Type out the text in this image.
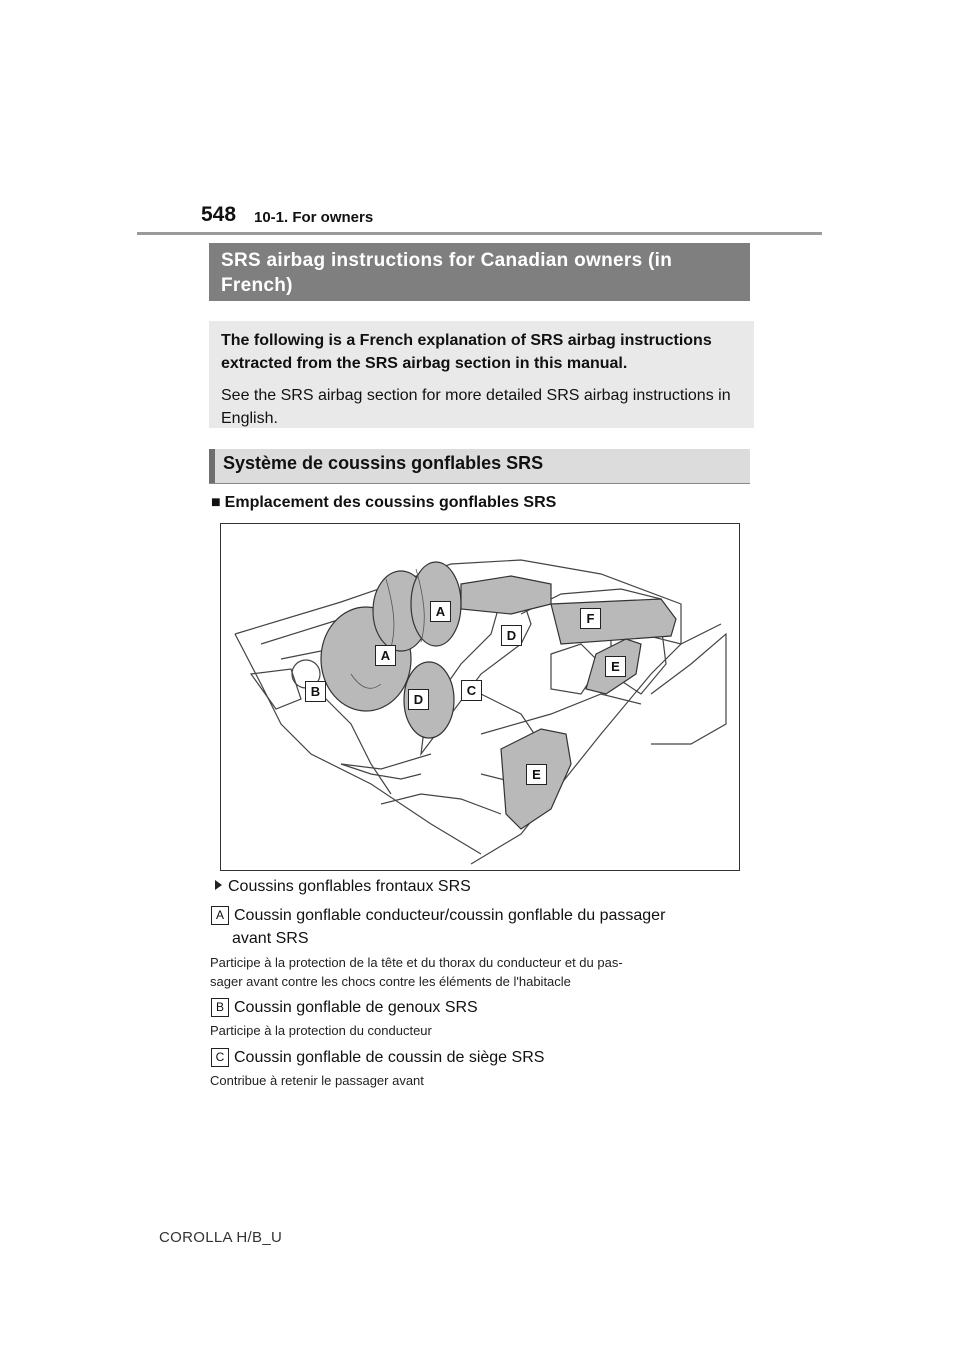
548 10-1. For owners
SRS airbag instructions for Canadian owners (in French)

The following is a French explanation of SRS airbag instructions extracted from the SRS airbag section in this manual.

See the SRS airbag section for more detailed SRS airbag instructions in English.

Système de coussins gonflables SRS
■ Emplacement des coussins gonflables SRS
A
A
B	C
D
D
E
E
F
Coussins gonflables frontaux SRS
A Coussin gonflable conducteur/coussin gonflable du passager
avant SRS
Participe à la protection de la tête et du thorax du conducteur et du pas-
sager avant contre les chocs contre les éléments de l'habitacle
B Coussin gonflable de genoux SRS
Participe à la protection du conducteur
C Coussin gonflable de coussin de siège SRS
Contribue à retenir le passager avant
COROLLA H/B_U
